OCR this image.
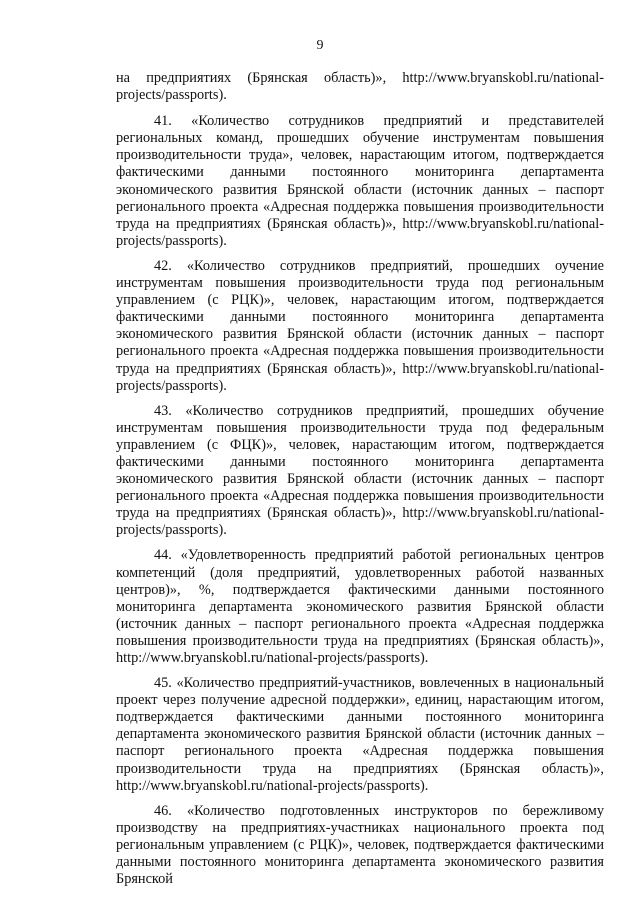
9

на предприятиях (Брянская область)», http://www.bryanskobl.ru/national-projects/passports).

41. «Количество сотрудников предприятий и представителей региональных команд, прошедших обучение инструментам повышения производительности труда», человек, нарастающим итогом, подтверждается фактическими данными постоянного мониторинга департамента экономического развития Брянской области (источник данных – паспорт регионального проекта «Адресная поддержка повышения производительности труда на предприятиях (Брянская область)», http://www.bryanskobl.ru/national-projects/passports).

42. «Количество сотрудников предприятий, прошедших оучение инструментам повышения производительности труда под региональным управлением (с РЦК)», человек, нарастающим итогом, подтверждается фактическими данными постоянного мониторинга департамента экономического развития Брянской области (источник данных – паспорт регионального проекта «Адресная поддержка повышения производительности труда на предприятиях (Брянская область)», http://www.bryanskobl.ru/national-projects/passports).

43. «Количество сотрудников предприятий, прошедших обучение инструментам повышения производительности труда под федеральным управлением (с ФЦК)», человек, нарастающим итогом, подтверждается фактическими данными постоянного мониторинга департамента экономического развития Брянской области (источник данных – паспорт регионального проекта «Адресная поддержка повышения производительности труда на предприятиях (Брянская область)», http://www.bryanskobl.ru/national-projects/passports).

44. «Удовлетворенность предприятий работой региональных центров компетенций (доля предприятий, удовлетворенных работой названных центров)», %, подтверждается фактическими данными постоянного мониторинга департамента экономического развития Брянской области (источник данных – паспорт регионального проекта «Адресная поддержка повышения производительности труда на предприятиях (Брянская область)», http://www.bryanskobl.ru/national-projects/passports).

45. «Количество предприятий-участников, вовлеченных в национальный проект через получение адресной поддержки», единиц, нарастающим итогом, подтверждается фактическими данными постоянного мониторинга департамента экономического развития Брянской области (источник данных – паспорт регионального проекта «Адресная поддержка повышения производительности труда на предприятиях (Брянская область)», http://www.bryanskobl.ru/national-projects/passports).

46. «Количество подготовленных инструкторов по бережливому производству на предприятиях-участниках национального проекта под региональным управлением (с РЦК)», человек, подтверждается фактическими данными постоянного мониторинга департамента экономического развития Брянской
